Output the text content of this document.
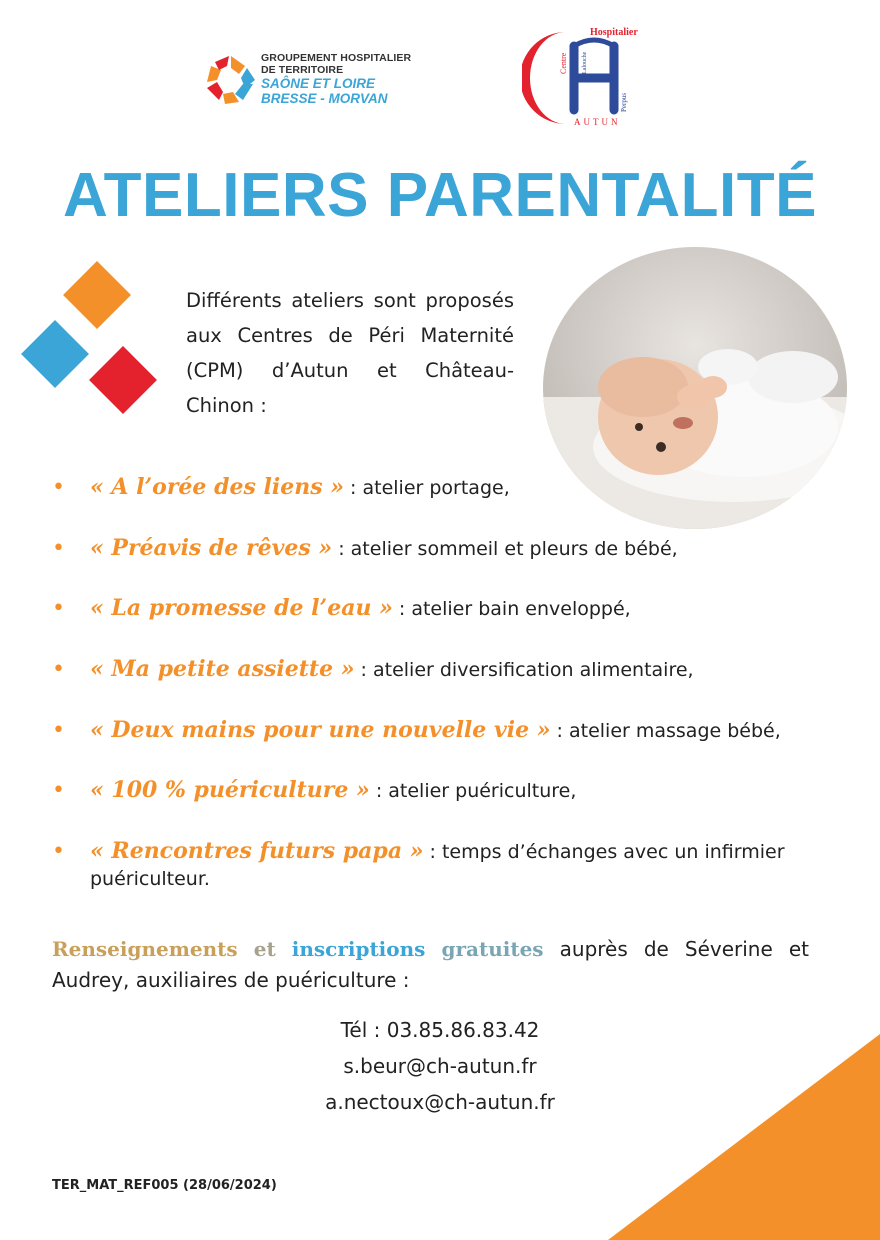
GROUPEMENT HOSPITALIER
DE TERRITOIRE
SAÔNE ET LOIRE
BRESSE - MORVAN
Hospitalier
Centre Lalouche
Perpus
AUTUN
ATELIERS PARENTALITÉ
Différents ateliers sont proposés aux Centres de Péri Maternité (CPM) d’Autun et Château-Chinon :
• « A l’orée des liens » : atelier portage,
• « Préavis de rêves » : atelier sommeil et pleurs de bébé,
• « La promesse de l’eau » : atelier bain enveloppé,
• « Ma petite assiette » : atelier diversification alimentaire,
• « Deux mains pour une nouvelle vie » : atelier massage bébé,
• « 100 % puériculture » : atelier puériculture,
• « Rencontres futurs papa » : temps d’échanges avec un infirmier puériculteur.
Renseignements et inscriptions gratuites auprès de Séverine et Audrey, auxiliaires de puériculture :
Tél : 03.85.86.83.42
s.beur@ch-autun.fr
a.nectoux@ch-autun.fr
TER_MAT_REF005 (28/06/2024)
